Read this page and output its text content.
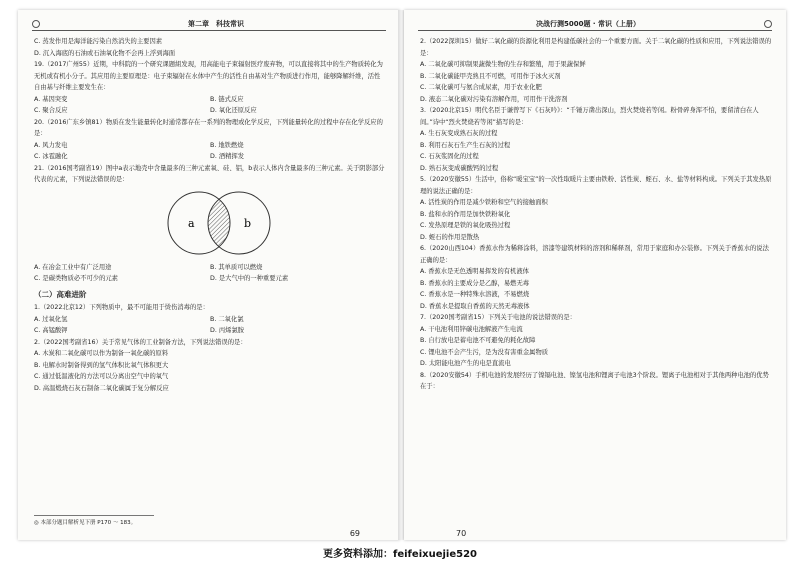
第二章　科技常识

C. 蒸发作用是海洋能污染自然消失的主要因素

D. 沉入海底的石油或石油氧化物不会再上浮到海面

19.（2017广州55）近期，中科院的一个研究课题組发现，用高能电子束辐射医疗废弃物，可以直接将其中的生产物质转化为无机或有机小分子。其应用的主要原理是：电子束辐射在水体中产生的活性自由基对生产物质进行作用，能够降解纤维，活性自由基与纤维主要发生在：

A. 基因突变	B. 链式反应
C. 聚合反应	D. 氧化还原反应

20.（2016广东乡镇81）物质在发生能量转化时通常都存在一系列的物理或化学反应，下列能量转化的过程中存在化学反应的是：

A. 风力发电	B. 地铁燃烧
C. 冰雹融化	D. 酒精挥发

21.（2016国考副省19）图中a表示地壳中含量最多的三种元素氧、硅、铝，b表示人体内含量最多的三种元素。关于阴影部分代表的元素，下列说法错误的是：

a	b
A. 在冶金工业中有广泛用途	B. 其单质可以燃烧
C. 是碳类物质必不可少的元素	D. 是大气中的一种重要元素
（二）高难进阶

1.（2022北京12）下列物质中，最不可能用于烫伤消毒的是：

A. 过氧化氢	B. 二氧化氯
C. 高锰酸钾	D. 丙烯氯胺

2.（2022国考副省16）关于常见气体的工业制备方法，下列说法错误的是：

A. 木炭和二氧化碳可以作为制备一氧化碳的原料

B. 电解水时制备得到的氢气体积比氧气体积更大

C. 通过低温液化的方法可以分离出空气中的氧气

D. 高温煅烧石灰石制备二氧化碳属于复分解反应

◎ 本部分题目解析见下册 P170 ～ 183。
69
决战行测5000题 · 常识（上册）

2.（2022深圳15）做好二氧化碳的资源化利用是构建低碳社会的一个重要方面。关于二氧化碳的性质和应用，下列说法错误的是：

A. 二氧化碳可抑制果蔬微生物的生存和繁殖，用于果蔬保鲜

B. 二氧化碳能甲壳熟且不可燃，可用作于冰火灭剂

C. 二氧化碳可与氨合成尿素，用于农业化肥

D. 液态二氧化碳对污染有溶解作用，可用作干洗溶剂

3.（2020北京15）明代名臣于谦曾写下《石灰吟》：“千锤万凿出深山，烈火焚烧若等闲。粉骨碎身浑不怕，要留清白在人间。”诗中“烈火焚烧若等闲”描写的是：

A. 生石灰变成熟石灰的过程

B. 利用石灰石生产生石灰的过程

C. 石灰浆固化的过程

D. 熟石灰变成碳酸钙的过程

5.（2020安徽55）生活中，俗称“暖宝宝”的一次性取暖片主要由铁粉、活性炭、蛭石、水、盐等材料构成。下列关于其发热原理的说法正确的是：

A. 活性炭的作用是减少铁粉和空气的接触面积

B. 盐和水的作用是加快铁粉氧化

C. 发热原理是铁的氧化吸热过程

D. 蛭石的作用是散热

6.（2020山西104）香蕉水作为稀释涂料，溶漆等建筑材料的溶剂和稀释剂，常用于家庭和办公装修。下列关于香蕉水的说法正确的是：

A. 香蕉水是无色透明易挥发的有机液体

B. 香蕉水的主要成分是乙醇，易燃无毒

C. 香蕉水是一种特殊水溶液，不易燃烧

D. 香蕉水是提取自香蕉的天然无毒液体

7.（2020国考副省15）下列关于电池的说法错误的是：

A. 干电池利用锌碳电池解液产生电流

B. 自行放电是蓄电池不可避免的耗化故障

C. 锂电池不会产生污，是为没有害重金属物质

D. 太阳能电池产生的电是直流电

8.（2020安徽54）手机电池的发展经历了镍镉电池、镍氢电池和锂离子电池3个阶段。锂离子电池相对于其他两种电池的优势在于：

70
更多资料添加：feifeixuejie520
